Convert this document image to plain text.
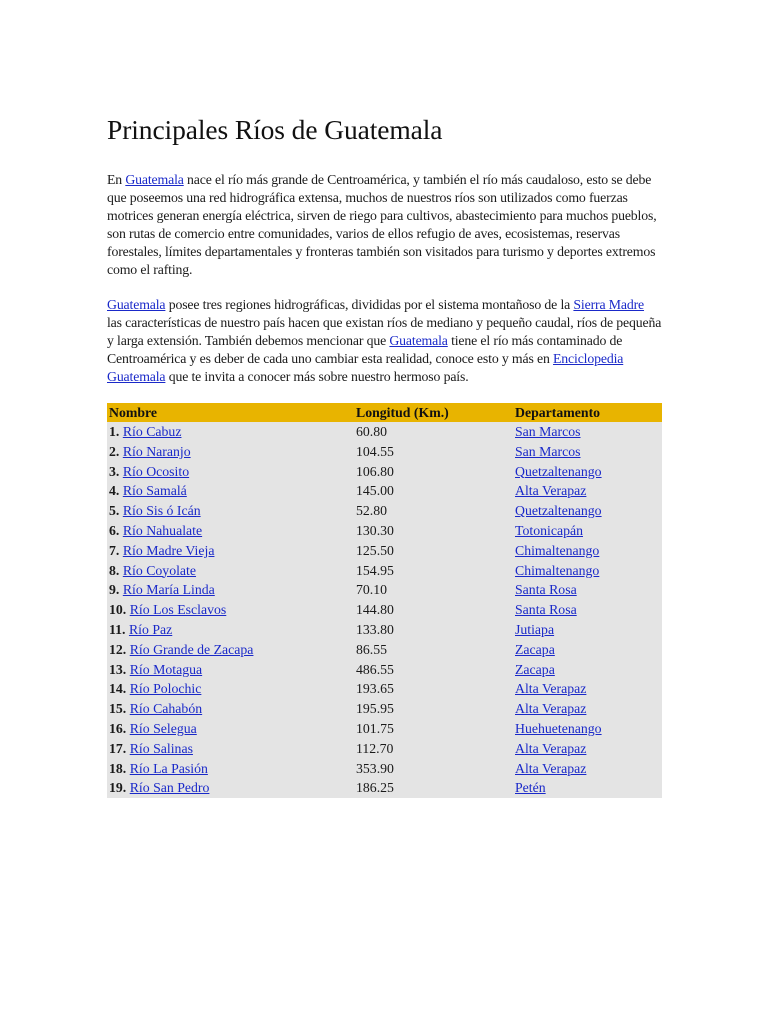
Principales Ríos de Guatemala

En Guatemala nace el río más grande de Centroamérica, y también el río más caudaloso, esto se debe que poseemos una red hidrográfica extensa, muchos de nuestros ríos son utilizados como fuerzas motrices generan energía eléctrica, sirven de riego para cultivos, abastecimiento para muchos pueblos, son rutas de comercio entre comunidades, varios de ellos refugio de aves, ecosistemas, reservas forestales, límites departamentales y fronteras también son visitados para turismo y deportes extremos como el rafting.

Guatemala posee tres regiones hidrográficas, divididas por el sistema montañoso de la Sierra Madre las características de nuestro país hacen que existan ríos de mediano y pequeño caudal, ríos de pequeña y larga extensión. También debemos mencionar que Guatemala tiene el río más contaminado de Centroamérica y es deber de cada uno cambiar esta realidad, conoce esto y más en Enciclopedia Guatemala que te invita a conocer más sobre nuestro hermoso país.

Nombre	Longitud (Km.)	Departamento
1. Río Cabuz	60.80	San Marcos
2. Río Naranjo	104.55	San Marcos
3. Río Ocosito	106.80	Quetzaltenango
4. Río Samalá	145.00	Alta Verapaz
5. Río Sis ó Icán	52.80	Quetzaltenango
6. Río Nahualate	130.30	Totonicapán
7. Río Madre Vieja	125.50	Chimaltenango
8. Río Coyolate	154.95	Chimaltenango
9. Río María Linda	70.10	Santa Rosa
10. Río Los Esclavos	144.80	Santa Rosa
11. Río Paz	133.80	Jutiapa
12. Río Grande de Zacapa	86.55	Zacapa
13. Río Motagua	486.55	Zacapa
14. Río Polochic	193.65	Alta Verapaz
15. Río Cahabón	195.95	Alta Verapaz
16. Río Selegua	101.75	Huehuetenango
17. Río Salinas	112.70	Alta Verapaz
18. Río La Pasión	353.90	Alta Verapaz
19. Río San Pedro	186.25	Petén
